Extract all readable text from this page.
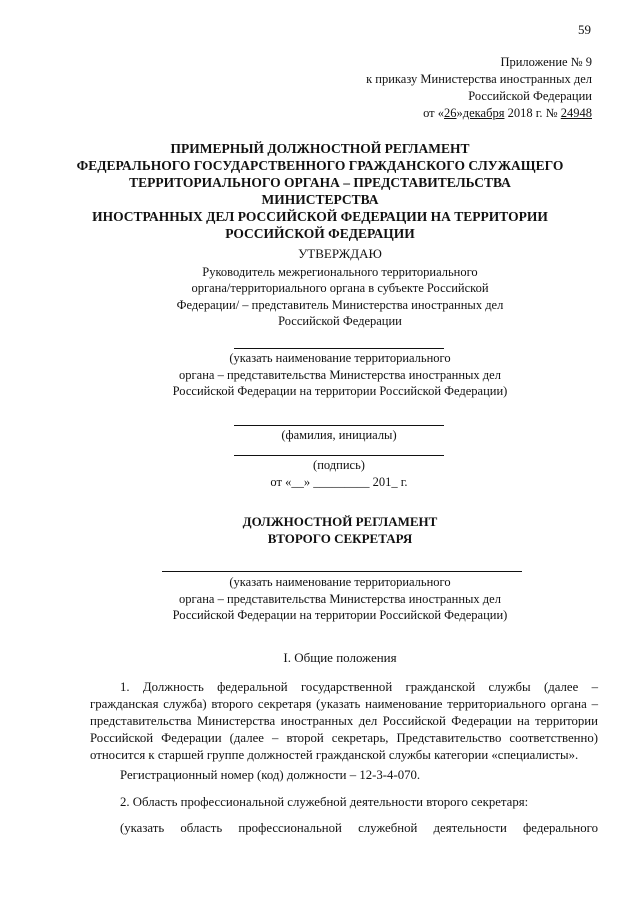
59
Приложение № 9
к приказу Министерства иностранных дел
Российской Федерации
от «26»декабря 2018 г. № 24948
ПРИМЕРНЫЙ ДОЛЖНОСТНОЙ РЕГЛАМЕНТ
ФЕДЕРАЛЬНОГО ГОСУДАРСТВЕННОГО ГРАЖДАНСКОГО СЛУЖАЩЕГО
ТЕРРИТОРИАЛЬНОГО ОРГАНА – ПРЕДСТАВИТЕЛЬСТВА МИНИСТЕРСТВА
ИНОСТРАННЫХ ДЕЛ РОССИЙСКОЙ ФЕДЕРАЦИИ НА ТЕРРИТОРИИ
РОССИЙСКОЙ ФЕДЕРАЦИИ
УТВЕРЖДАЮ
Руководитель межрегионального территориального
органа/территориального органа в субъекте Российской
Федерации/ – представитель Министерства иностранных дел
Российской Федерации
(указать наименование территориального
органа – представительства Министерства иностранных дел
Российской Федерации на территории Российской Федерации)
(фамилия, инициалы)
(подпись)
от «__» _________ 201_ г.
ДОЛЖНОСТНОЙ РЕГЛАМЕНТ
ВТОРОГО СЕКРЕТАРЯ
(указать наименование территориального
органа – представительства Министерства иностранных дел
Российской Федерации на территории Российской Федерации)
I. Общие положения
1. Должность федеральной государственной гражданской службы (далее –
гражданская служба) второго секретаря (указать наименование территориального органа –
представительства Министерства иностранных дел Российской Федерации на территории
Российской Федерации (далее – второй секретарь, Представительство соответственно)
относится к старшей группе должностей гражданской службы категории «специалисты».
Регистрационный номер (код) должности – 12-3-4-070.
2. Область профессиональной служебной деятельности второго секретаря:
(указать область профессиональной служебной деятельности федерального
